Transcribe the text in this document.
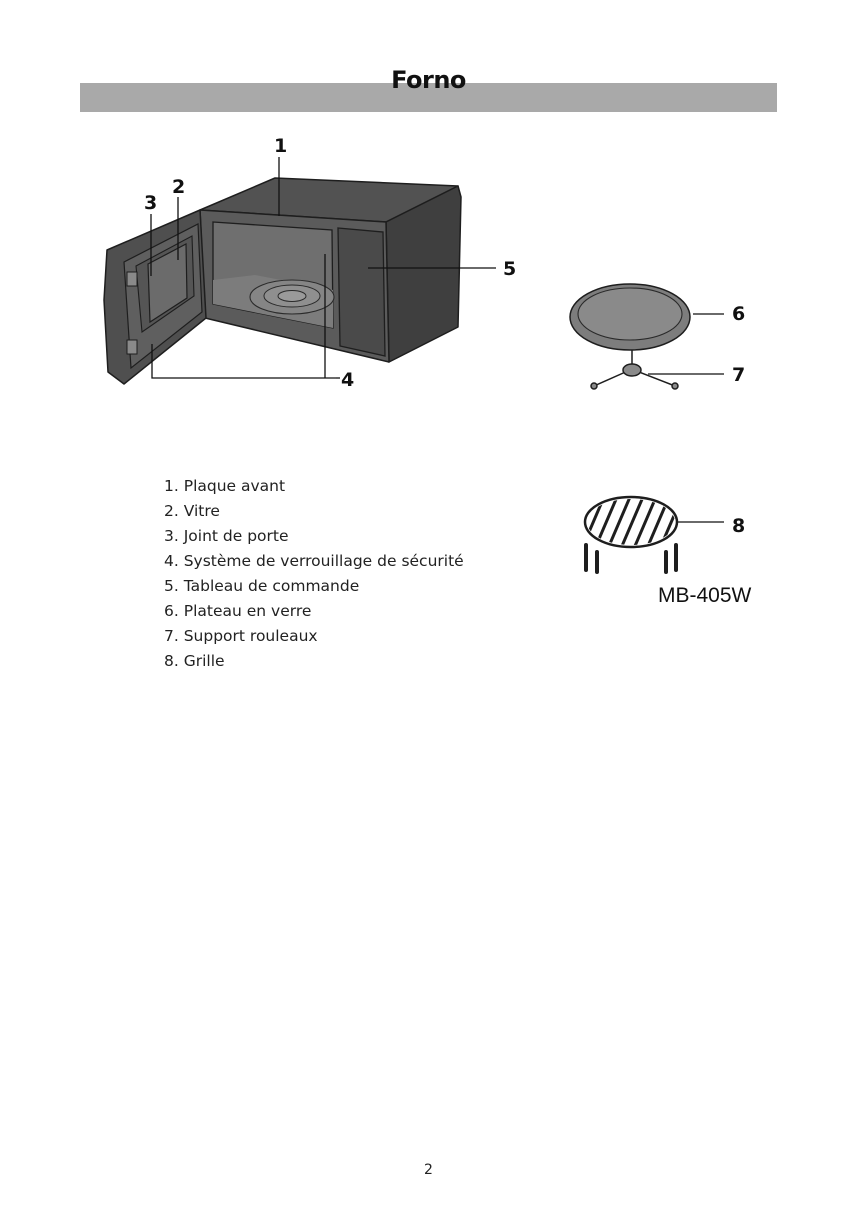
Forno
1
2
3
4
5
6
7
8
1. Plaque avant
2. Vitre
3. Joint de porte
4. Système de verrouillage de sécurité
5. Tableau de commande
6. Plateau en verre
7. Support rouleaux
8. Grille
MB-405W
2
